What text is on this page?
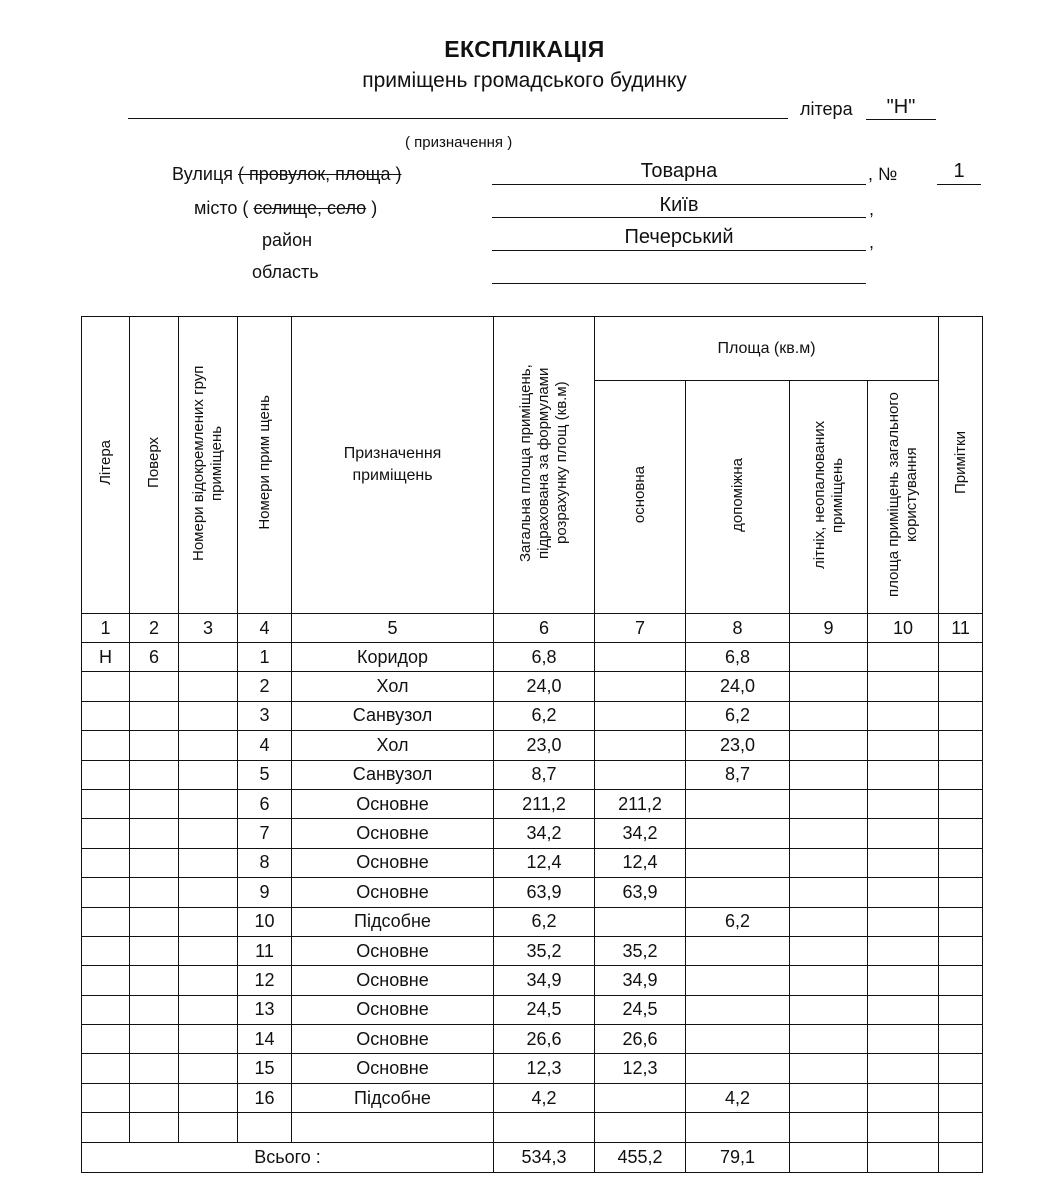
ЕКСПЛІКАЦІЯ
приміщень громадського будинку
літера	"Н"
( призначення )
Вулиця ( провулок, площа )	Товарна	, №	1
місто ( селище, село )	Київ	,
район	Печерський	,
область
Літера	Поверх	Номери відокремлених груп приміщень	Номери прим щень	Призначення приміщень	Загальна площа приміщень, підрахована за формулами розрахунку площ (кв.м)	Площа (кв.м)				Примітки
						основна	допоміжна	літніх, неопалюваних приміщень	площа приміщень загального користування	
1	2	3	4	5	6	7	8	9	10	11
Н	6		1	Коридор	6,8		6,8			
			2	Хол	24,0		24,0			
			3	Санвузол	6,2		6,2			
			4	Хол	23,0		23,0			
			5	Санвузол	8,7		8,7			
			6	Основне	211,2	211,2				
			7	Основне	34,2	34,2				
			8	Основне	12,4	12,4				
			9	Основне	63,9	63,9				
			10	Підсобне	6,2		6,2			
			11	Основне	35,2	35,2				
			12	Основне	34,9	34,9				
			13	Основне	24,5	24,5				
			14	Основне	26,6	26,6				
			15	Основне	12,3	12,3				
			16	Підсобне	4,2		4,2			

Всього :					534,3	455,2	79,1			
